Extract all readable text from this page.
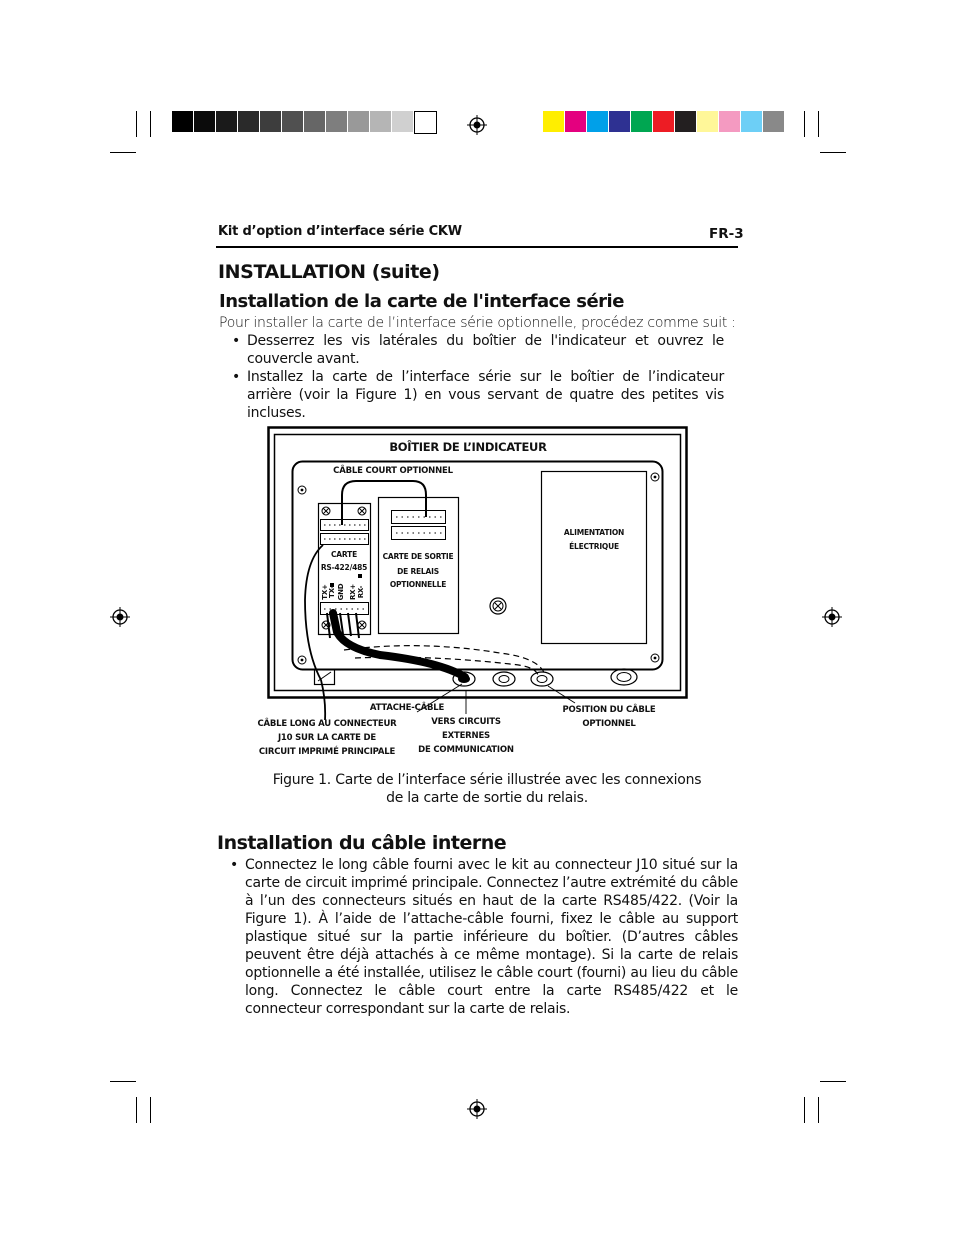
Kit d’option d’interface série CKW	FR-3
INSTALLATION (suite)
Installation de la carte de l'interface série
Pour installer la carte de l’interface série optionnelle, procédez comme suit :
• Desserrez les vis latérales du boîtier de l'indicateur et ouvrez le couvercle avant.
• Installez la carte de l’interface série sur le boîtier de l’indicateur arrière (voir la Figure 1) en vous servant de quatre des petites vis incluses.
BOÎTIER DE L’INDICATEUR
CÂBLE COURT OPTIONNEL
CARTE
RS-422/485
TX+ TX- GND RX+ RX-
CARTE DE SORTIE
DE RELAIS
OPTIONNELLE
ALIMENTATION
ÉLECTRIQUE
ATTACHE-CÂBLE
CÂBLE LONG AU CONNECTEUR
J10 SUR LA CARTE DE
CIRCUIT IMPRIMÉ PRINCIPALE
VERS CIRCUITS
EXTERNES
DE COMMUNICATION
POSITION DU CÂBLE
OPTIONNEL
Figure 1. Carte de l’interface série illustrée avec les connexions
de la carte de sortie du relais.
Installation du câble interne
• Connectez le long câble fourni avec le kit au connecteur J10 situé sur la carte de circuit imprimé principale. Connectez l’autre extrémité du câble à l’un des connecteurs situés en haut de la carte RS485/422. (Voir la Figure 1). À l’aide de l’attache-câble fourni, fixez le câble au support plastique situé sur la partie inférieure du boîtier. (D’autres câbles peuvent être déjà attachés à ce même montage). Si la carte de relais optionnelle a été installée, utilisez le câble court (fourni) au lieu du câble long. Connectez le câble court entre la carte RS485/422 et le connecteur correspondant sur la carte de relais.
